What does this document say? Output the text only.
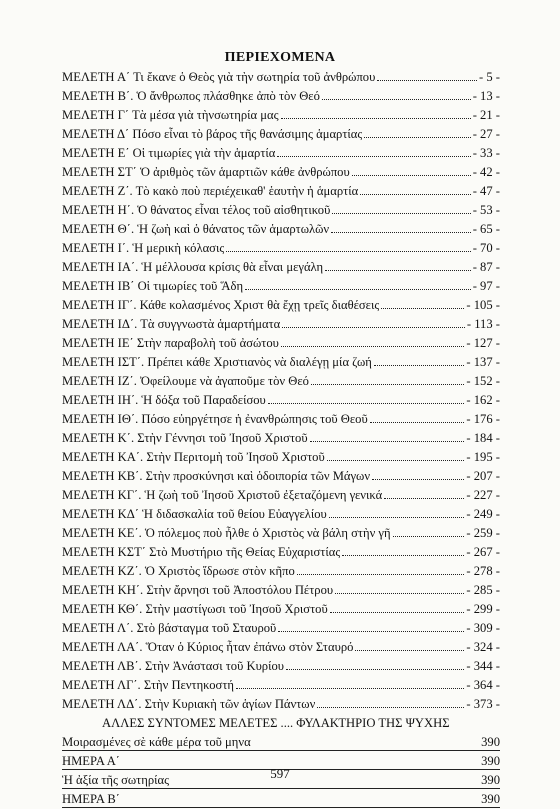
ΠΕΡΙΕΧΟΜΕΝΑ
ΜΕΛΕΤΗ Α΄ Τι ἔκανε ὁ Θεὸς γιὰ τὴν σωτηρία τοῦ ἀνθρώπου	- 5 -
ΜΕΛΕΤΗ Β΄. Ὁ ἄνθρωπος πλάσθηκε ἀπὸ τὸν Θεό	- 13 -
ΜΕΛΕΤΗ Γ΄ Τὰ μέσα γιὰ τὴνσωτηρία μας	- 21 -
ΜΕΛΕΤΗ Δ΄ Πόσο εἶναι τὸ βάρος τῆς θανάσιμης ἁμαρτίας	- 27 -
ΜΕΛΕΤΗ Ε΄ Οἱ τιμωρίες γιὰ τὴν ἁμαρτία	- 33 -
ΜΕΛΕΤΗ ΣΤ΄ Ὁ ἀριθμὸς τῶν ἁμαρτιῶν κάθε ἀνθρώπου	- 42 -
ΜΕΛΕΤΗ Ζ΄. Τὸ κακὸ ποὺ περιέχεικαθ' ἑαυτὴν ἡ ἁμαρτία	- 47 -
ΜΕΛΕΤΗ Η΄. Ὁ θάνατος εἶναι τέλος τοῦ αἰσθητικοῦ	- 53 -
ΜΕΛΕΤΗ Θ΄. Ἡ ζωὴ καὶ ὁ θάνατος τῶν ἁμαρτωλῶν	- 65 -
ΜΕΛΕΤΗ Ι΄. Ἡ μερικὴ κόλασις	- 70 -
ΜΕΛΕΤΗ ΙΑ΄. Ἡ μέλλουσα κρίσις θὰ εἶναι μεγάλη	- 87 -
ΜΕΛΕΤΗ ΙΒ΄ Οἱ τιμωρίες τοῦ Ἅδη	- 97 -
ΜΕΛΕΤΗ ΙΓ΄. Κάθε κολασμένος Χριστ θὰ ἔχῃ τρεῖς διαθέσεις	- 105 -
ΜΕΛΕΤΗ ΙΔ΄. Τὰ συγγνωστὰ ἁμαρτήματα	- 113 -
ΜΕΛΕΤΗ ΙΕ΄ Στὴν παραβολὴ τοῦ ἀσώτου	- 127 -
ΜΕΛΕΤΗ ΙΣΤ΄. Πρέπει κάθε Χριστιανὸς νὰ διαλέγῃ μία ζωή	- 137 -
ΜΕΛΕΤΗ ΙΖ΄. Ὀφείλουμε νὰ ἀγαποῦμε τὸν Θεό	- 152 -
ΜΕΛΕΤΗ ΙΗ΄. Ἡ δόξα τοῦ Παραδείσου	- 162 -
ΜΕΛΕΤΗ ΙΘ΄. Πόσο εὐηργέτησε ἡ ἐνανθρώπησις τοῦ Θεοῦ	- 176 -
ΜΕΛΕΤΗ Κ΄. Στὴν Γέννησι τοῦ Ἰησοῦ Χριστοῦ	- 184 -
ΜΕΛΕΤΗ ΚΑ΄. Στὴν Περιτομὴ τοῦ Ἰησοῦ Χριστοῦ	- 195 -
ΜΕΛΕΤΗ ΚΒ΄. Στὴν προσκύνησι καὶ ὁδοιπορία τῶν Μάγων	- 207 -
ΜΕΛΕΤΗ ΚΓ΄. Ἡ ζωὴ τοῦ Ἰησοῦ Χριστοῦ ἐξεταζόμενη γενικά	- 227 -
ΜΕΛΕΤΗ ΚΔ΄ Ἡ διδασκαλία τοῦ θείου Εὐαγγελίου	- 249 -
ΜΕΛΕΤΗ ΚΕ΄. Ὁ πόλεμος ποὺ ἦλθε ὁ Χριστὸς νὰ βάλη στὴν γῆ	- 259 -
ΜΕΛΕΤΗ ΚΣΤ΄ Στὸ Μυστήριο τῆς Θείας Εὐχαριστίας	- 267 -
ΜΕΛΕΤΗ ΚΖ΄. Ὁ Χριστὸς ἵδρωσε στὸν κῆπο	- 278 -
ΜΕΛΕΤΗ ΚΗ΄. Στὴν ἄρνησι τοῦ Ἀποστόλου Πέτρου	- 285 -
ΜΕΛΕΤΗ ΚΘ΄. Στὴν μαστίγωσι τοῦ Ἰησοῦ Χριστοῦ	- 299 -
ΜΕΛΕΤΗ Λ΄. Στὸ βάσταγμα τοῦ Σταυροῦ	- 309 -
ΜΕΛΕΤΗ ΛΑ΄. Ὅταν ὁ Κύριος ἦταν ἐπάνω στὸν Σταυρό	- 324 -
ΜΕΛΕΤΗ ΛΒ΄. Στὴν Ἀνάστασι τοῦ Κυρίου	- 344 -
ΜΕΛΕΤΗ ΛΓ΄. Στὴν Πεντηκοστή	- 364 -
ΜΕΛΕΤΗ ΛΔ΄. Στὴν Κυριακὴ τῶν ἁγίων Πάντων	- 373 -
ΑΛΛΕΣ ΣΥΝΤΟΜΕΣ ΜΕΛΕΤΕΣ .... ΦΥΛΑΚΤΗΡΙΟ ΤΗΣ ΨΥΧΗΣ
Μοιρασμένες σὲ κάθε μέρα τοῦ μηνα	390
ΗΜΕΡΑ Α΄	390
Ἡ ἀξία τῆς σωτηρίας	390
ΗΜΕΡΑ Β΄	390
597
